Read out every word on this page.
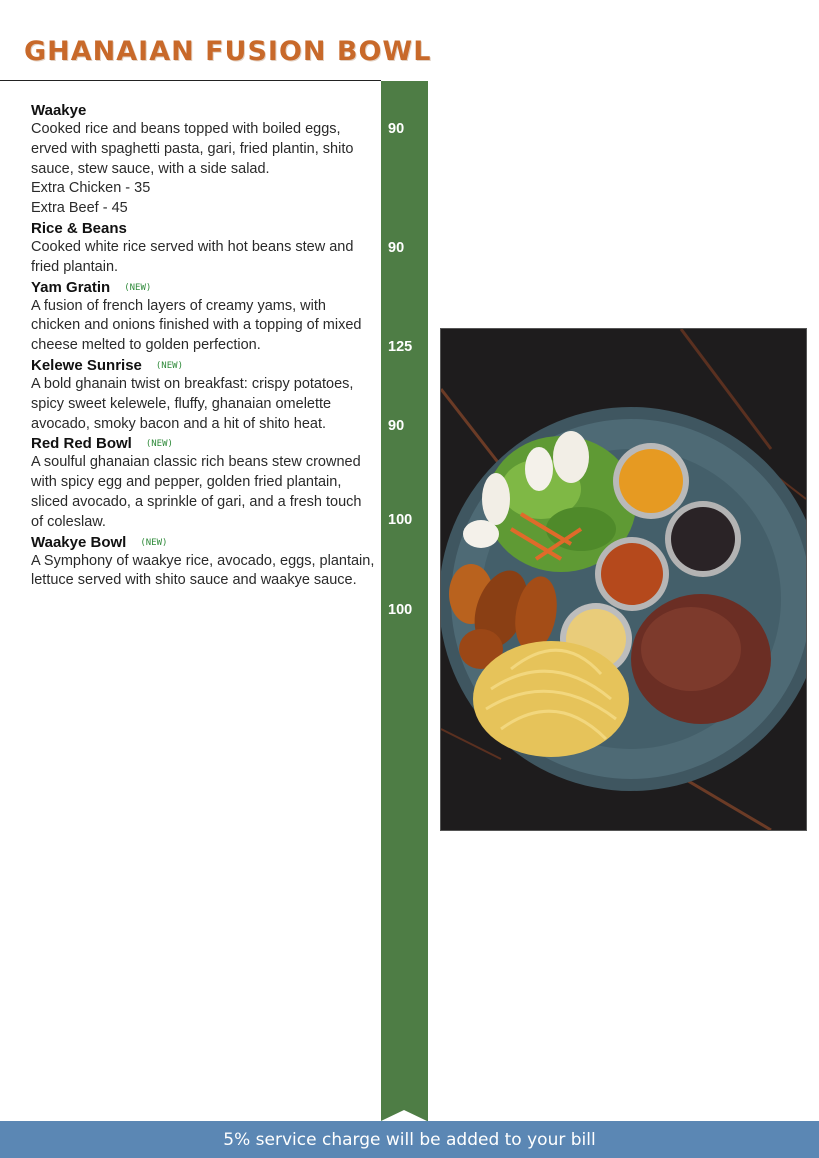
GHANAIAN FUSION BOWL
Waakye

Cooked rice and beans topped with boiled eggs, erved with spaghetti pasta, gari, fried plantin, shito sauce, stew sauce, with a side salad.

Extra Chicken - 35

Extra Beef - 45

Rice & Beans

Cooked white rice served with hot beans stew and fried plantain.

Yam Gratin (NEW)

A fusion of french layers of creamy yams, with chicken and onions finished with a topping of mixed cheese melted to golden perfection.

Kelewe Sunrise (NEW)

A bold ghanain twist on breakfast: crispy potatoes, spicy sweet kelewele, fluffy, ghanaian omelette avocado, smoky bacon and a hit of shito heat.

Red Red Bowl (NEW)

A soulful ghanaian classic rich beans stew crowned with spicy egg and pepper, golden fried plantain, sliced avocado, a sprinkle of gari, and a fresh touch of coleslaw.

Waakye Bowl (NEW)

A Symphony of waakye rice, avocado, eggs, plantain, lettuce served with shito sauce and waakye sauce.

90
90
125
90
100
100
5% service charge will be added to your bill
